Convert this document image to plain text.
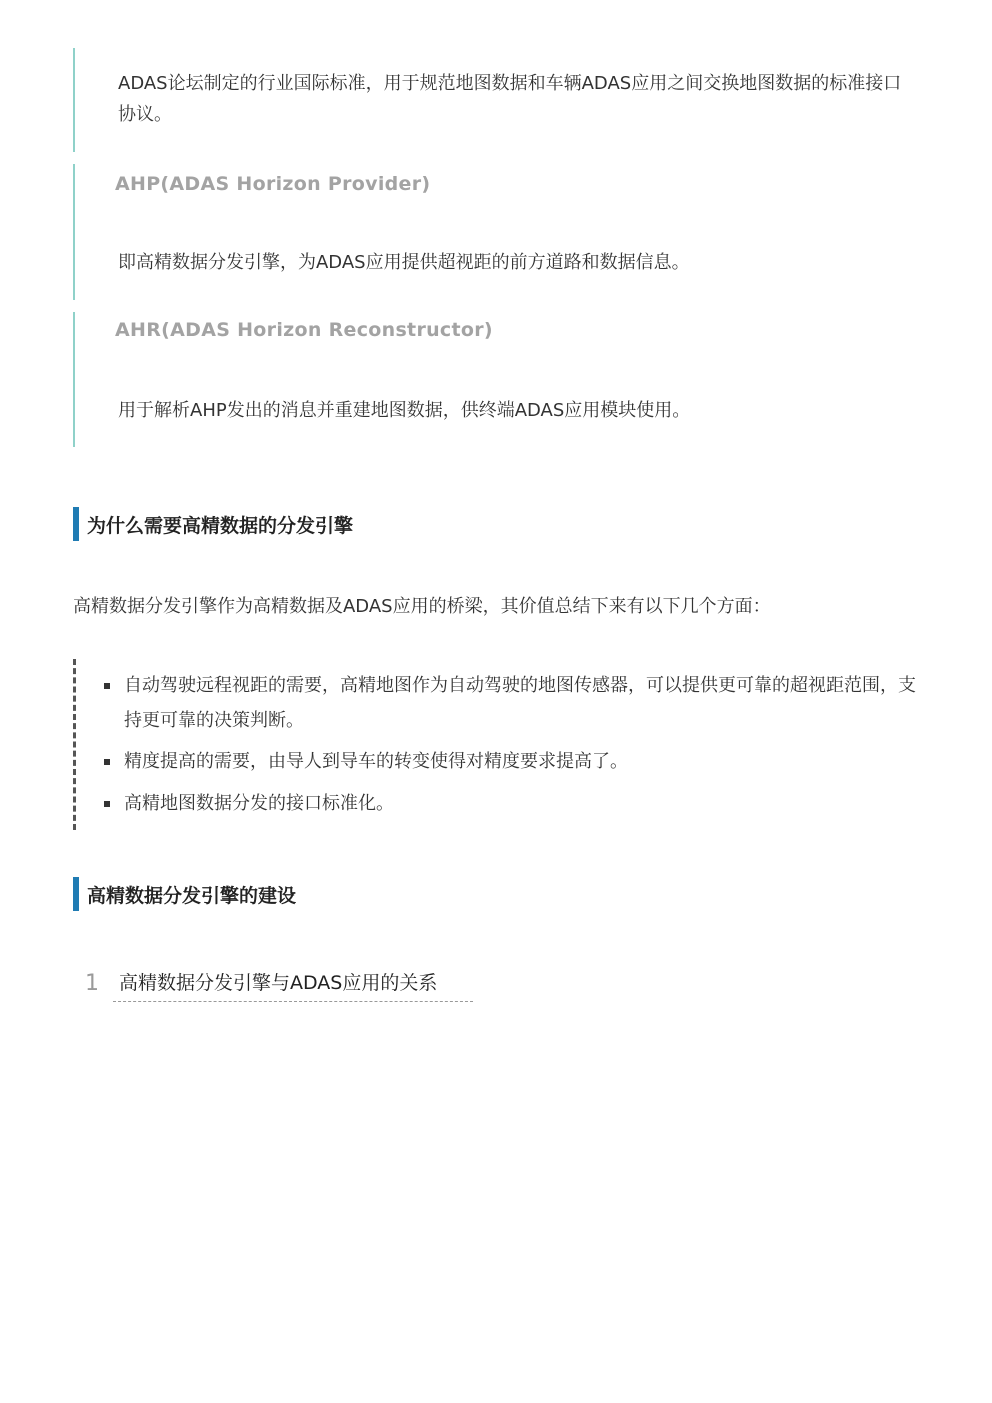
ADAS论坛制定的行业国际标准，用于规范地图数据和车辆ADAS应用之间交换地图数据的标准接口协议。
AHP(ADAS Horizon Provider)
即高精数据分发引擎，为ADAS应用提供超视距的前方道路和数据信息。
AHR(ADAS Horizon Reconstructor)
用于解析AHP发出的消息并重建地图数据，供终端ADAS应用模块使用。
为什么需要高精数据的分发引擎
高精数据分发引擎作为高精数据及ADAS应用的桥梁，其价值总结下来有以下几个方面：
自动驾驶远程视距的需要，高精地图作为自动驾驶的地图传感器，可以提供更可靠的超视距范围，支持更可靠的决策判断。
精度提高的需要，由导人到导车的转变使得对精度要求提高了。
高精地图数据分发的接口标准化。
高精数据分发引擎的建设
1 高精数据分发引擎与ADAS应用的关系
